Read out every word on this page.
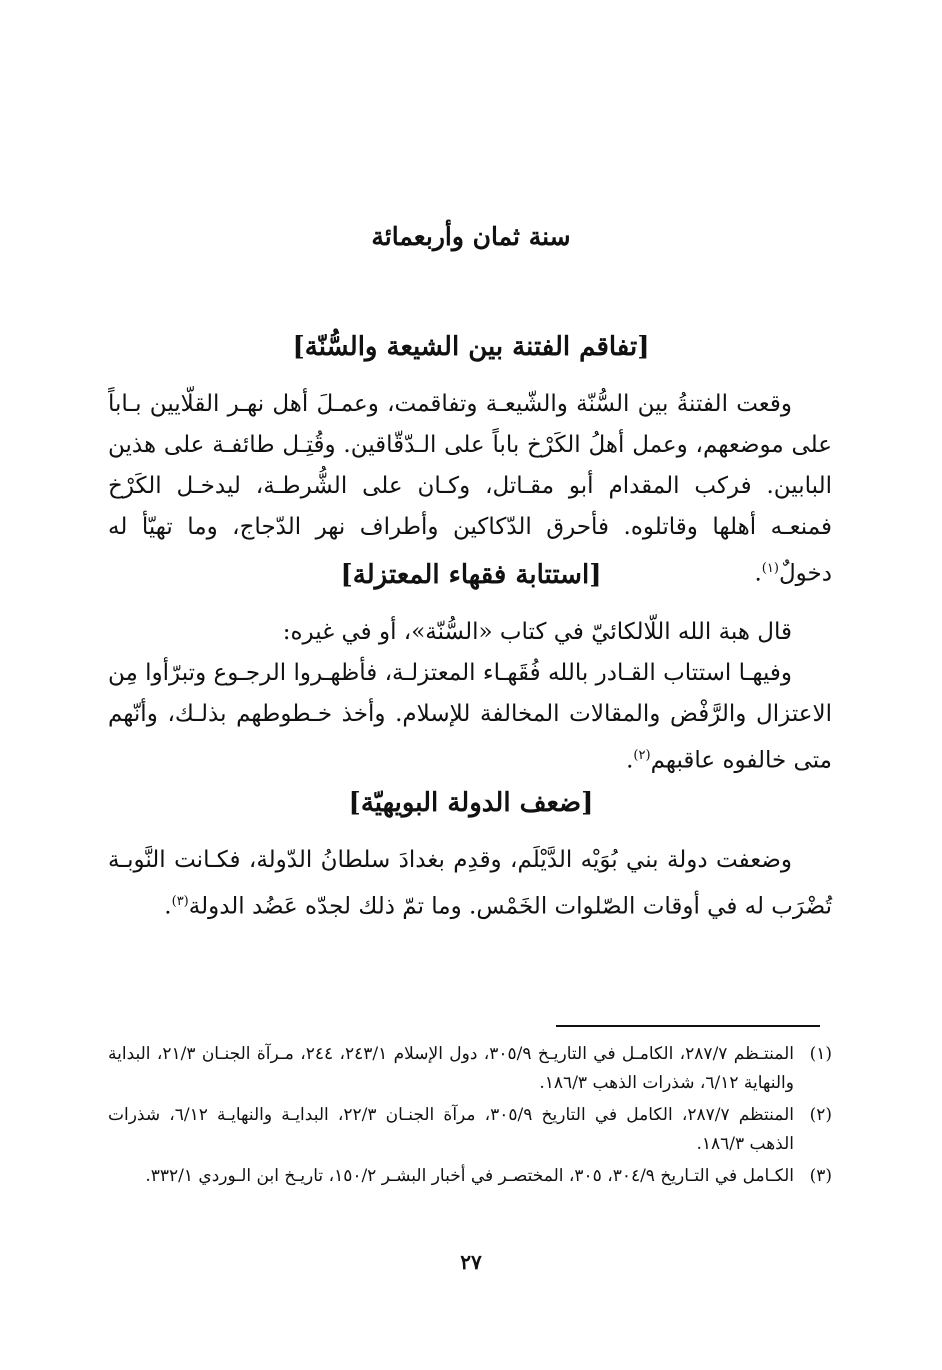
سنة ثمان وأربعمائة
[تفاقم الفتنة بين الشيعة والسُّنّة]

وقعت الفتنةُ بين السُّنّة والشّيعـة وتفاقمت، وعمـلَ أهل نهـر القلّايين بـاباً على موضعهم، وعمل أهلُ الكَرْخ باباً على الـدّقّاقين. وقُتِـل طائفـة على هذين البابين. فركب المقدام أبو مقـاتل، وكـان على الشُّرطـة، ليدخـل الكَرْخ فمنعـه أهلها وقاتلوه. فأحرق الدّكاكين وأطراف نهر الدّجاج، وما تهيّأ له دخولٌ$^{(١)}$.

[استتابة فقهاء المعتزلة]

قال هبة الله اللّالكائيّ في كتاب «السُّنّة»، أو في غيره:

وفيهـا استتاب القـادر بالله فُقَهـاء المعتزلـة، فأظهـروا الرجـوع وتبرّأوا مِن الاعتزال والرَّفْض والمقالات المخالفة للإسلام. وأخذ خـطوطهم بذلـك، وأنّهم متى خالفوه عاقبهم$^{(٢)}$.

[ضعف الدولة البويهيّة]

وضعفت دولة بني بُوَيْه الدَّيْلَم، وقدِم بغدادَ سلطانُ الدّولة، فكـانت النَّوبـة تُضْرَب له في أوقات الصّلوات الخَمْس. وما تمّ ذلك لجدّه عَضُد الدولة$^{(٣)}$.

(١)
المنتـظم ٢٨٧/٧، الكامـل في التاريـخ ٣٠٥/٩، دول الإسلام ٢٤٣/١، ٢٤٤، مـرآة الجنـان ٢١/٣، البداية والنهاية ٦/١٢، شذرات الذهب ١٨٦/٣.
(٢)
المنتظم ٢٨٧/٧، الكامل في التاريخ ٣٠٥/٩، مرآة الجنـان ٢٢/٣، البدايـة والنهايـة ٦/١٢، شذرات الذهب ١٨٦/٣.
(٣)
الكـامل في التـاريخ ٣٠٤/٩، ٣٠٥، المختصـر في أخبار البشـر ١٥٠/٢، تاريـخ ابن الـوردي ٣٣٢/١.
٢٧
